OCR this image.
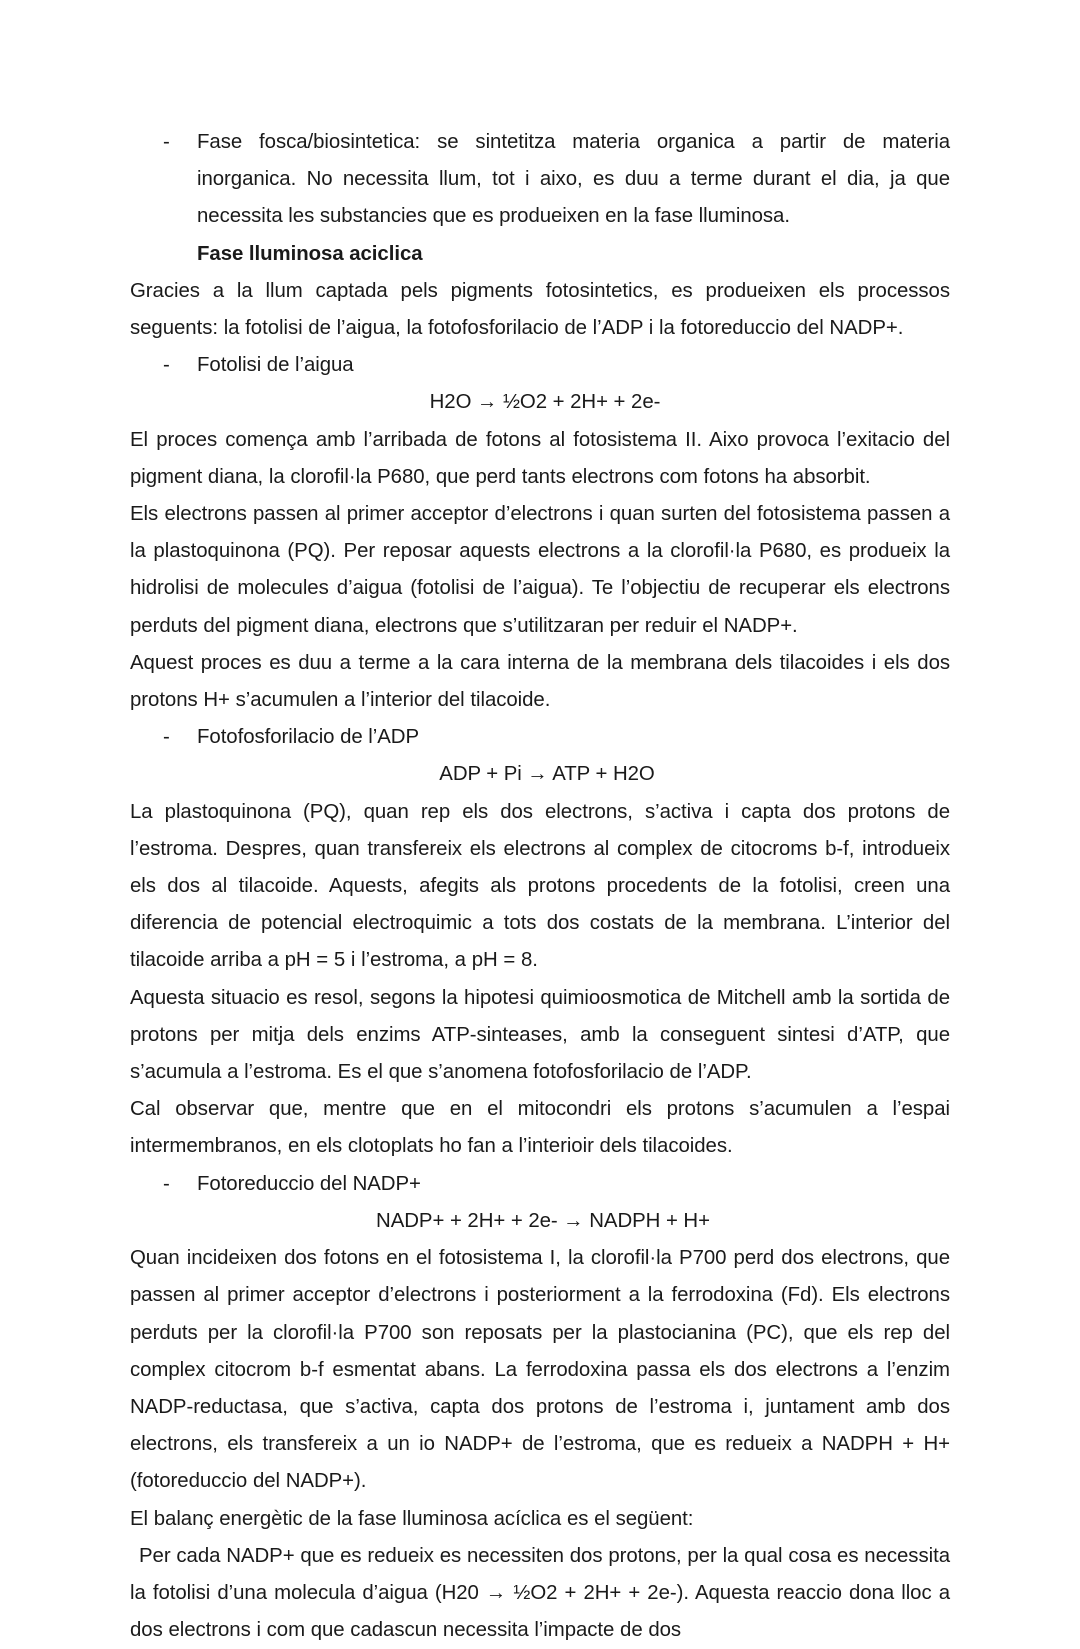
- Fase fosca/biosintetica: se sintetitza materia organica a partir de materia inorganica. No necessita llum, tot i aixo, es duu a terme durant el dia, ja que necessita les substancies que es produeixen en la fase lluminosa.

Fase lluminosa aciclica

Gracies a la llum captada pels pigments fotosintetics, es produeixen els processos seguents: la fotolisi de l’aigua, la fotofosforilacio de l’ADP i la fotoreduccio del NADP+.

- Fotolisi de l’aigua

H2O → ½O2 + 2H+ + 2e-

El proces comença amb l’arribada de fotons al fotosistema II. Aixo provoca l’exitacio del pigment diana, la clorofil·la P680, que perd tants electrons com fotons ha absorbit.

Els electrons passen al primer acceptor d’electrons i quan surten del fotosistema passen a la plastoquinona (PQ). Per reposar aquests electrons a la clorofil·la P680, es produeix la hidrolisi de molecules d’aigua (fotolisi de l’aigua). Te l’objectiu de recuperar els electrons perduts del pigment diana, electrons que s’utilitzaran per reduir el NADP+.

Aquest proces es duu a terme a la cara interna de la membrana dels tilacoides i els dos protons H+ s’acumulen a l’interior del tilacoide.

- Fotofosforilacio de l’ADP

ADP + Pi → ATP + H2O

La plastoquinona (PQ), quan rep els dos electrons, s’activa i capta dos protons de l’estroma. Despres, quan transfereix els electrons al complex de citocroms b-f, introdueix els dos al tilacoide. Aquests, afegits als protons procedents de la fotolisi, creen una diferencia de potencial electroquimic a tots dos costats de la membrana. L’interior del tilacoide arriba a pH = 5 i l’estroma, a pH = 8.

Aquesta situacio es resol, segons la hipotesi quimioosmotica de Mitchell amb la sortida de protons per mitja dels enzims ATP-sinteases, amb la conseguent sintesi d’ATP, que s’acumula a l’estroma. Es el que s’anomena fotofosforilacio de l’ADP.

Cal observar que, mentre que en el mitocondri els protons s’acumulen a l’espai intermembranos, en els clotoplats ho fan a l’interioir dels tilacoides.

- Fotoreduccio del NADP+

NADP+ + 2H+ + 2e- → NADPH + H+

Quan incideixen dos fotons en el fotosistema I, la clorofil·la P700 perd dos electrons, que passen al primer acceptor d’electrons i posteriorment a la ferrodoxina (Fd). Els electrons perduts per la clorofil·la P700 son reposats per la plastocianina (PC), que els rep del complex citocrom b-f esmentat abans. La ferrodoxina passa els dos electrons a l’enzim NADP-reductasa, que s’activa, capta dos protons de l’estroma i, juntament amb dos electrons, els transfereix a un io NADP+ de l’estroma, que es redueix a NADPH + H+ (fotoreduccio del NADP+).

El balanç energètic de la fase lluminosa acíclica es el següent:

Per cada NADP+ que es redueix es necessiten dos protons, per la qual cosa es necessita la fotolisi d’una molecula d’aigua (H20 → ½O2 + 2H+ + 2e-). Aquesta reaccio dona lloc a dos electrons i com que cadascun necessita l’impacte de dos
